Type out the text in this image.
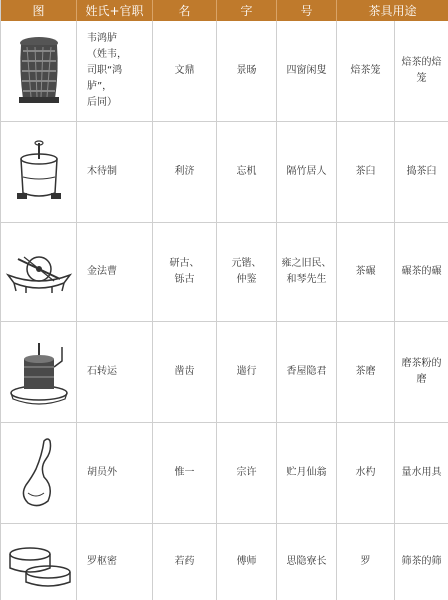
图	姓氏+官职	名	字	号	茶具用途	

	韦鸿胪
（姓韦，
司职“鸿
胪”，
后同）	文鼎	景旸	四窗闲叟	焙茶笼	焙茶的焙笼

	木待制	利济	忘机	隔竹居人	茶臼	捣茶臼

	金法曹	研古、
铄古	元锴、
仲鉴	雍之旧民、
和琴先生	茶碾	碾茶的碾

	石转运	凿齿	遄行	香屋隐君	茶磨	磨茶粉的磨

	胡员外	惟一	宗许	贮月仙翁	水杓	量水用具

	罗枢密	若药	傅师	思隐寮长	罗	筛茶的筛
